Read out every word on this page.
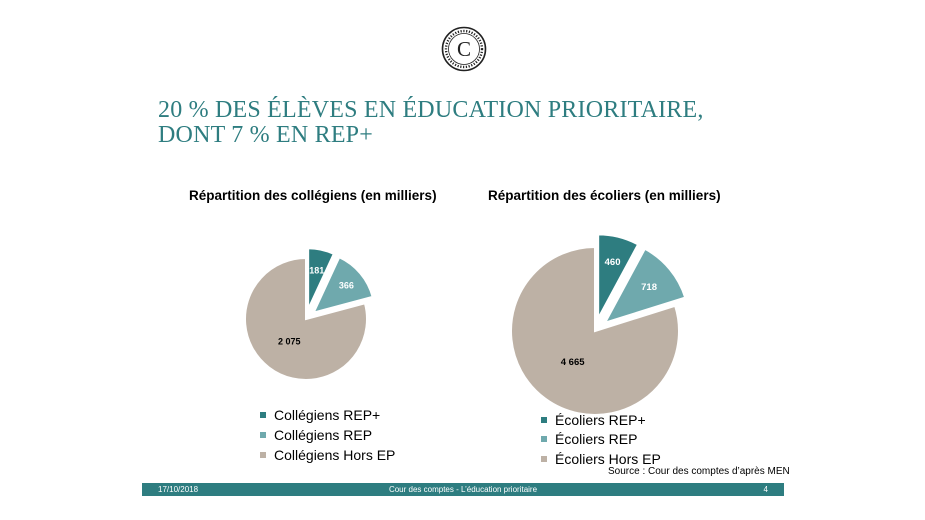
C
20 % DES ÉLÈVES EN ÉDUCATION PRIORITAIRE,
DONT 7 % EN REP+
Répartition des collégiens (en milliers)
181
366
2 075
Collégiens REP+
Collégiens REP
Collégiens Hors EP
Répartition des écoliers (en milliers)
460
718
4 665
Écoliers REP+
Écoliers REP
Écoliers Hors EP
Source : Cour des comptes d’après MEN
17/10/2018	Cour des comptes - L’éducation prioritaire	4
